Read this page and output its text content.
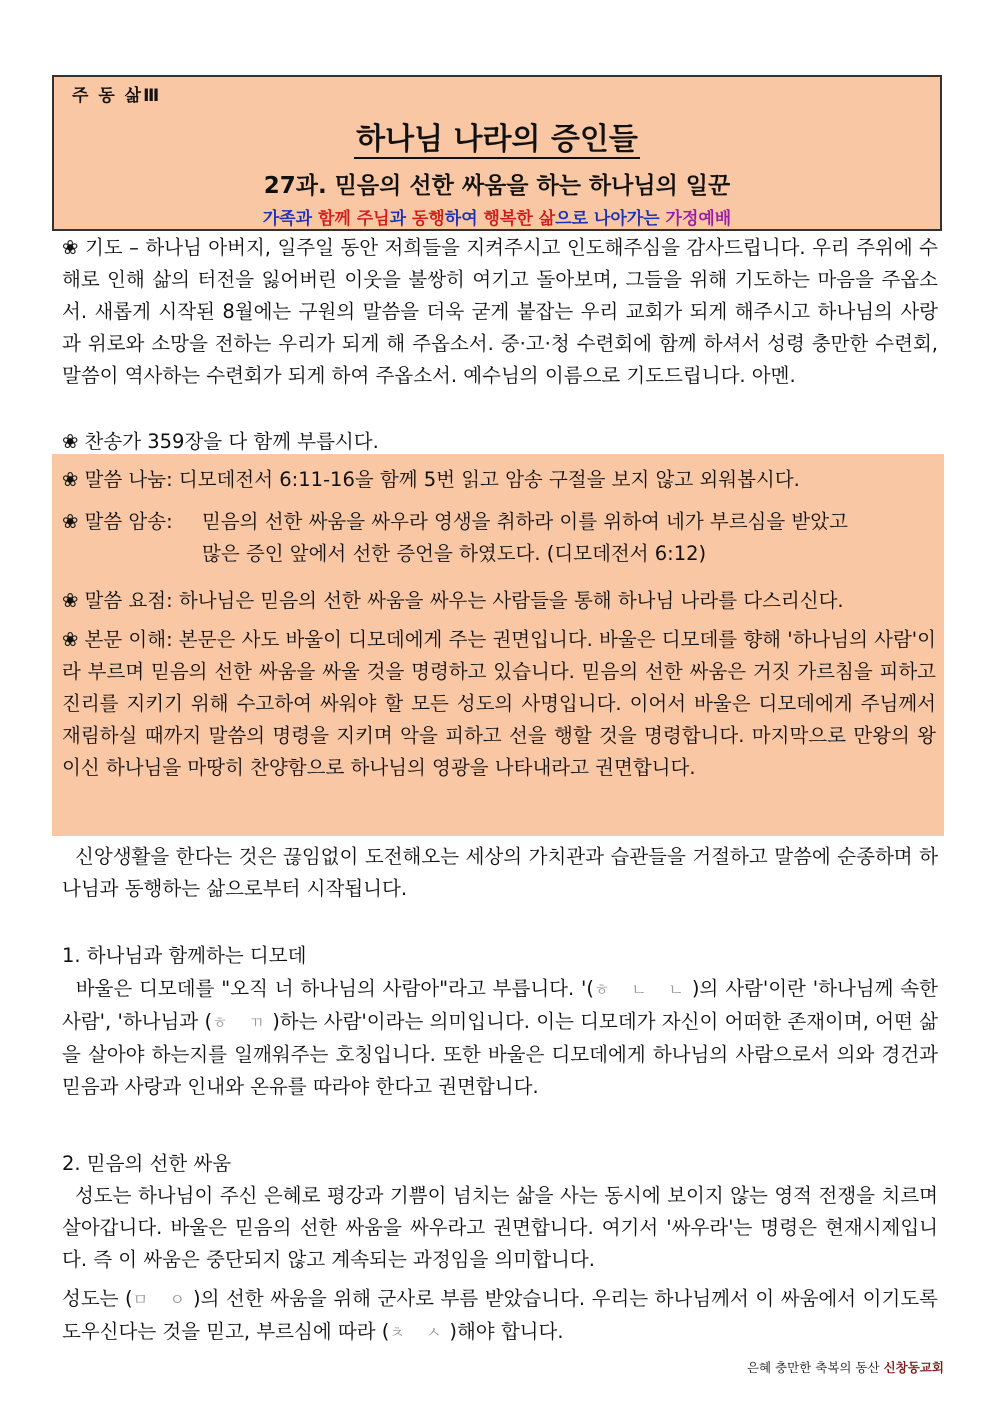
주 동 삶Ⅲ
하나님 나라의 증인들
27과. 믿음의 선한 싸움을 하는 하나님의 일꾼
가족과 함께 주님과 동행하여 행복한 삶으로 나아가는 가정예배
❀ 기도 – 하나님 아버지, 일주일 동안 저희들을 지켜주시고 인도해주심을 감사드립니다. 우리 주위에 수해로 인해 삶의 터전을 잃어버린 이웃을 불쌍히 여기고 돌아보며, 그들을 위해 기도하는 마음을 주옵소서. 새롭게 시작된 8월에는 구원의 말씀을 더욱 굳게 붙잡는 우리 교회가 되게 해주시고 하나님의 사랑과 위로와 소망을 전하는 우리가 되게 해 주옵소서. 중·고·청 수련회에 함께 하셔서 성령 충만한 수련회, 말씀이 역사하는 수련회가 되게 하여 주옵소서. 예수님의 이름으로 기도드립니다. 아멘.
❀ 찬송가 359장을 다 함께 부릅시다.
❀ 말씀 나눔: 디모데전서 6:11-16을 함께 5번 읽고 암송 구절을 보지 않고 외워봅시다.
❀ 말씀 암송: 믿음의 선한 싸움을 싸우라 영생을 취하라 이를 위하여 네가 부르심을 받았고
많은 증인 앞에서 선한 증언을 하였도다. (디모데전서 6:12)
❀ 말씀 요점: 하나님은 믿음의 선한 싸움을 싸우는 사람들을 통해 하나님 나라를 다스리신다.
❀ 본문 이해: 본문은 사도 바울이 디모데에게 주는 권면입니다. 바울은 디모데를 향해 '하나님의 사람'이라 부르며 믿음의 선한 싸움을 싸울 것을 명령하고 있습니다. 믿음의 선한 싸움은 거짓 가르침을 피하고 진리를 지키기 위해 수고하여 싸워야 할 모든 성도의 사명입니다. 이어서 바울은 디모데에게 주님께서 재림하실 때까지 말씀의 명령을 지키며 악을 피하고 선을 행할 것을 명령합니다. 마지막으로 만왕의 왕이신 하나님을 마땅히 찬양함으로 하나님의 영광을 나타내라고 권면합니다.
신앙생활을 한다는 것은 끊임없이 도전해오는 세상의 가치관과 습관들을 거절하고 말씀에 순종하며 하나님과 동행하는 삶으로부터 시작됩니다.
1. 하나님과 함께하는 디모데
바울은 디모데를 "오직 너 하나님의 사람아"라고 부릅니다. '(ㅎ ㄴ ㄴ)의 사람'이란 '하나님께 속한 사람', '하나님과 (ㅎ ㄲ)하는 사람'이라는 의미입니다. 이는 디모데가 자신이 어떠한 존재이며, 어떤 삶을 살아야 하는지를 일깨워주는 호칭입니다. 또한 바울은 디모데에게 하나님의 사람으로서 의와 경건과 믿음과 사랑과 인내와 온유를 따라야 한다고 권면합니다.
2. 믿음의 선한 싸움
성도는 하나님이 주신 은혜로 평강과 기쁨이 넘치는 삶을 사는 동시에 보이지 않는 영적 전쟁을 치르며 살아갑니다. 바울은 믿음의 선한 싸움을 싸우라고 권면합니다. 여기서 '싸우라'는 명령은 현재시제입니다. 즉 이 싸움은 중단되지 않고 계속되는 과정임을 의미합니다.
성도는 (ㅁ ㅇ)의 선한 싸움을 위해 군사로 부름 받았습니다. 우리는 하나님께서 이 싸움에서 이기도록 도우신다는 것을 믿고, 부르심에 따라 (ㅊ ㅅ)해야 합니다.
은혜 충만한 축복의 동산 신창동교회
